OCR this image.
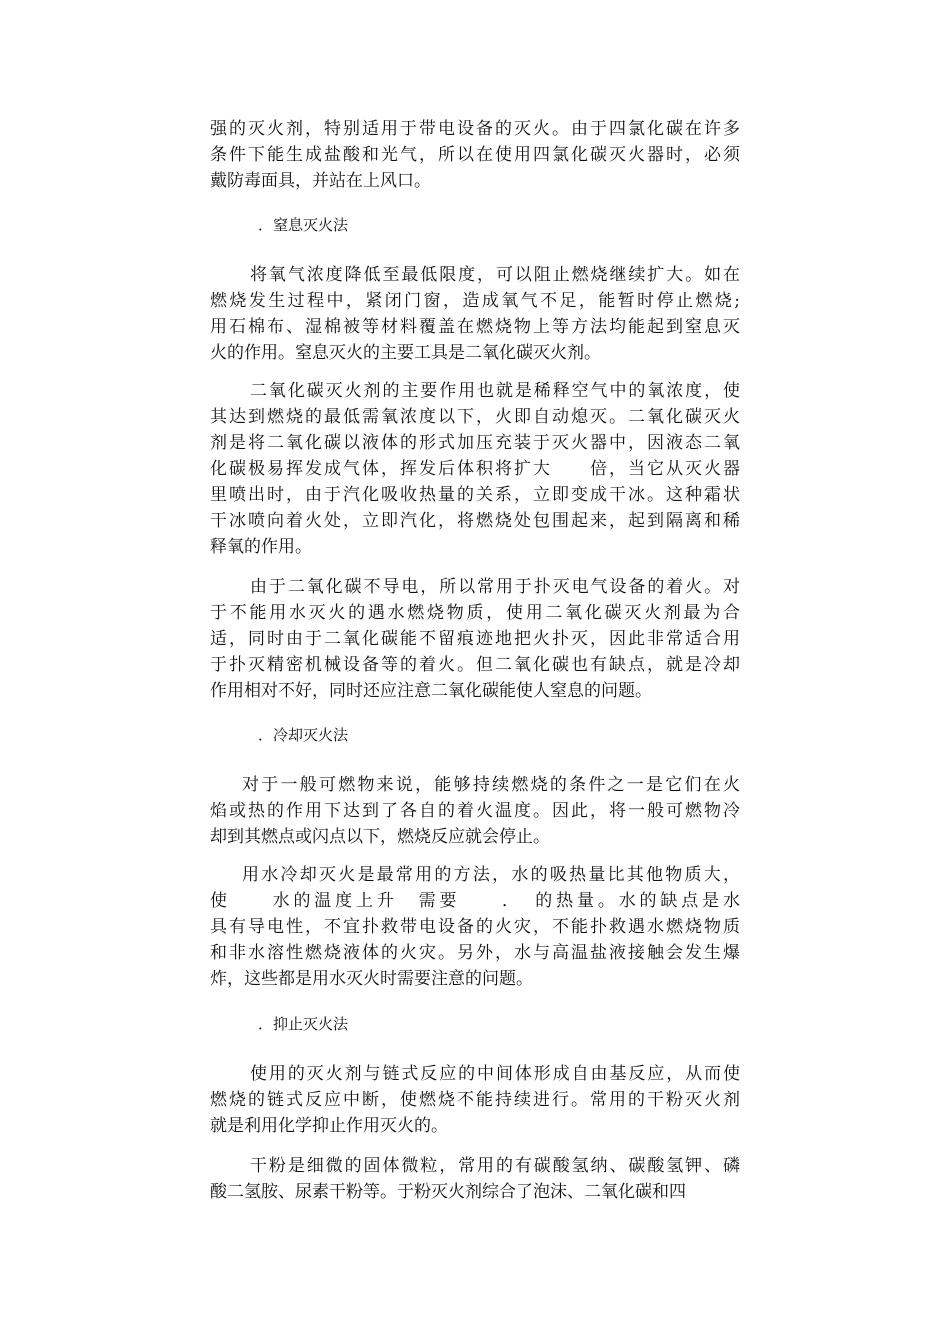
强的灭火剂，特别适用于带电设备的灭火。由于四氯化碳在许多
条件下能生成盐酸和光气，所以在使用四氯化碳灭火器时，必须
戴防毒面具，并站在上风口。
．窒息灭火法
将氧气浓度降低至最低限度，可以阻止燃烧继续扩大。如在
燃烧发生过程中，紧闭门窗，造成氧气不足，能暂时停止燃烧;
用石棉布、湿棉被等材料覆盖在燃烧物上等方法均能起到窒息灭
火的作用。窒息灭火的主要工具是二氧化碳灭火剂。
二氧化碳灭火剂的主要作用也就是稀释空气中的氧浓度，使
其达到燃烧的最低需氧浓度以下，火即自动熄灭。二氧化碳灭火
剂是将二氧化碳以液体的形式加压充装于灭火器中，因液态二氧
化碳极易挥发成气体，挥发后体积将扩大　　倍，当它从灭火器
里喷出时，由于汽化吸收热量的关系，立即变成干冰。这种霜状
干冰喷向着火处，立即汽化，将燃烧处包围起来，起到隔离和稀
释氧的作用。
由于二氧化碳不导电，所以常用于扑灭电气设备的着火。对
于不能用水灭火的遇水燃烧物质，使用二氧化碳灭火剂最为合
适，同时由于二氧化碳能不留痕迹地把火扑灭，因此非常适合用
于扑灭精密机械设备等的着火。但二氧化碳也有缺点，就是冷却
作用相对不好，同时还应注意二氧化碳能使人窒息的问题。
．冷却灭火法
对于一般可燃物来说，能够持续燃烧的条件之一是它们在火
焰或热的作用下达到了各自的着火温度。因此，将一般可燃物冷
却到其燃点或闪点以下，燃烧反应就会停止。
用水冷却灭火是最常用的方法，水的吸热量比其他物质大，
使　　水的温度上升　需要　　．　的热量。水的缺点是水
具有导电性，不宜扑救带电设备的火灾，不能扑救遇水燃烧物质
和非水溶性燃烧液体的火灾。另外，水与高温盐液接触会发生爆
炸，这些都是用水灭火时需要注意的问题。
．抑止灭火法
使用的灭火剂与链式反应的中间体形成自由基反应，从而使
燃烧的链式反应中断，使燃烧不能持续进行。常用的干粉灭火剂
就是利用化学抑止作用灭火的。
干粉是细微的固体微粒，常用的有碳酸氢纳、碳酸氢钾、磷
酸二氢胺、尿素干粉等。于粉灭火剂综合了泡沫、二氧化碳和四
